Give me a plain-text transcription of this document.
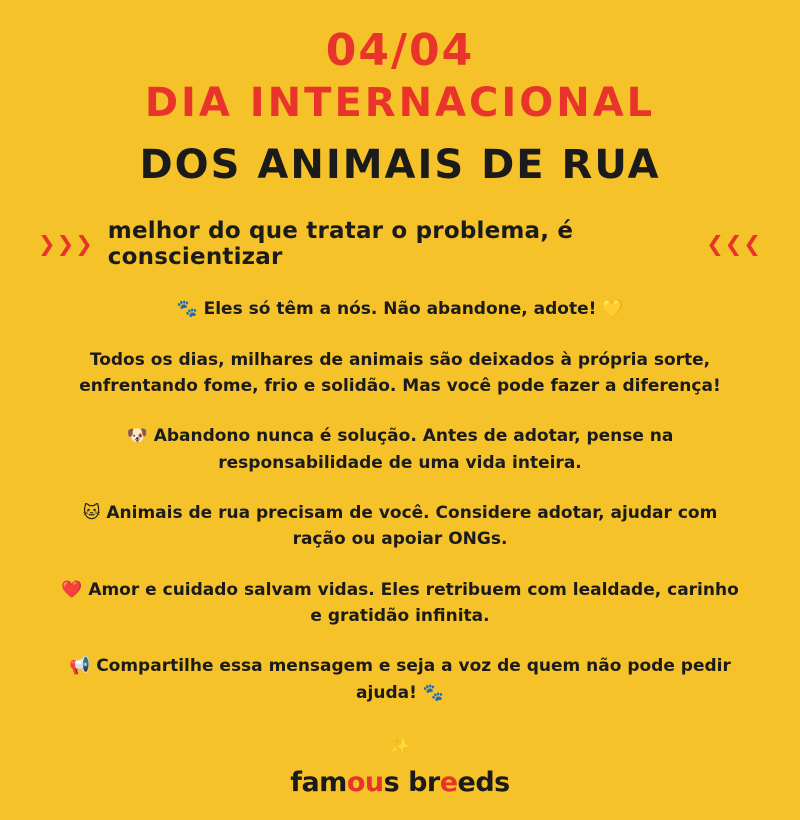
04/04
DIA INTERNACIONAL
DOS ANIMAIS DE RUA
❯❯❯ melhor do que tratar o problema, é conscientizar
❮❮❮

🐾 Eles só têm a nós. Não abandone, adote! 💛

Todos os dias, milhares de animais são deixados à própria sorte, enfrentando fome, frio e solidão. Mas você pode fazer a diferença!

🐶 Abandono nunca é solução. Antes de adotar, pense na responsabilidade de uma vida inteira.

🐱 Animais de rua precisam de você. Considere adotar, ajudar com ração ou apoiar ONGs.

❤️ Amor e cuidado salvam vidas. Eles retribuem com lealdade, carinho e gratidão infinita.

📢 Compartilhe essa mensagem e seja a voz de quem não pode pedir ajuda! 🐾

✨
famous breeds
